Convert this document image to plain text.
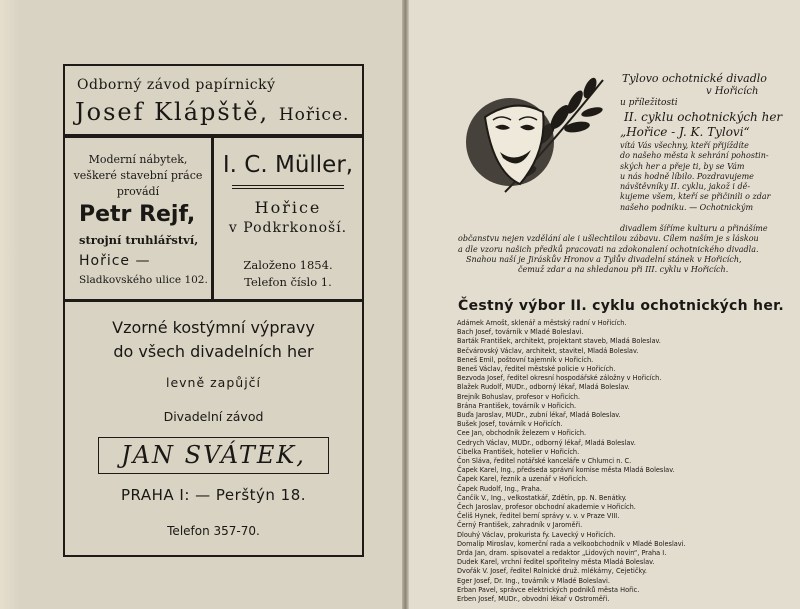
Odborný závod papírnický
Josef Klápště, Hořice.
Moderní nábytek,
veškeré stavební práce
provádí
Petr Rejf,
strojní truhlářství,
Hořice —
Sladkovského ulice 102.
I. C. Müller,
Hořice
v Podkrkonoší.
Založeno 1854.
Telefon číslo 1.
Vzorné kostýmní výpravy
do všech divadelních her
levně zapůjčí
Divadelní závod
JAN SVÁTEK,
PRAHA I: — Perštýn 18.
Telefon 357-70.
Tylovo ochotnické divadlo
v Hořicích
u příležitosti
II. cyklu ochotnických her
„Hořice - J. K. Tylovi“
vítá Vás všechny, kteří přijíždíte
do našeho města k sehrání pohostin-
ských her a přeje ti, by se Vám
u nás hodně líbilo. Pozdravujeme
návštěvníky II. cyklu, jakož i dě-
kujeme všem, kteří se přičinili o zdar
našeho podniku. — Ochotnickým
divadlem šíříme kulturu a přinášíme
občanstvu nejen vzdělání ale i ušlechtilou zábavu. Cílem naším je s láskou
a dle vzoru našich předků pracovati na zdokonalení ochotnického divadla.
Snahou naší je Jiráskův Hronov a Tylův divadelní stánek v Hořicích,
čemuž zdar a na shledanou při III. cyklu v Hořicích.
Čestný výbor II. cyklu ochotnických her.
Adámek Arnošt, sklenář a městský radní v Hořicích.
Bach Josef, továrník v Mladé Boleslavi.
Barták František, architekt, projektant staveb, Mladá Boleslav.
Bečvárovský Václav, architekt, stavitel, Mladá Boleslav.
Beneš Emil, poštovní tajemník v Hořicích.
Beneš Václav, ředitel městské policie v Hořicích.
Bezvoda Josef, ředitel okresní hospodářské záložny v Hořicích.
Blažek Rudolf, MUDr., odborný lékař, Mladá Boleslav.
Brejník Bohuslav, profesor v Hořicích.
Brána František, továrník v Hořicích.
Buďa Jaroslav, MUDr., zubní lékař, Mladá Boleslav.
Bušek Josef, továrník v Hořicích.
Cee Jan, obchodník železem v Hořicích.
Cedrych Václav, MUDr., odborný lékař, Mladá Boleslav.
Cibelka František, hotelier v Hořicích.
Čon Sláva, ředitel notářské kanceláře v Chlumci n. C.
Čapek Karel, Ing., předseda správní komise města Mladá Boleslav.
Čapek Karel, řezník a uzenář v Hořicích.
Čapek Rudolf, Ing., Praha.
Čančík V., Ing., velkostatkář, Zdětín, pp. N. Benátky.
Čech Jaroslav, profesor obchodní akademie v Hořicích.
Čeliš Hynek, ředitel berní správy v. v. v Praze VIII.
Černý František, zahradník v Jaroměři.
Dlouhý Václav, prokurista fy. Lavecký v Hořicích.
Domalíp Miroslav, komerční rada a velkoobchodník v Mladé Boleslavi.
Drda Jan, dram. spisovatel a redaktor „Lidových novin“, Praha I.
Dudek Karel, vrchní ředitel spořitelny města Mladá Boleslav.
Dvořák V. Josef, ředitel Rolnické druž. mlékárny, Cejetičky.
Eger Josef, Dr. Ing., továrník v Mladé Boleslavi.
Erban Pavel, správce elektrických podniků města Hořic.
Erben Josef, MUDr., obvodní lékař v Ostroměři.
